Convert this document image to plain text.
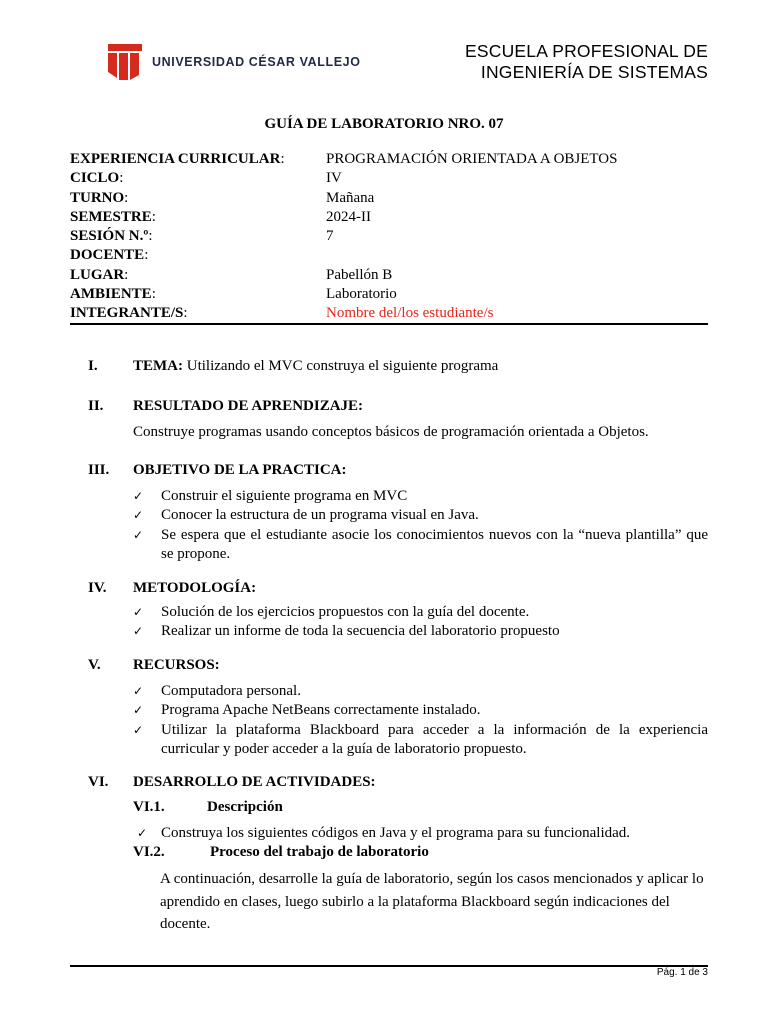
UNIVERSIDAD CÉSAR VALLEJO
ESCUELA PROFESIONAL DE
INGENIERÍA DE SISTEMAS
GUÍA DE LABORATORIO NRO. 07
EXPERIENCIA CURRICULAR:	PROGRAMACIÓN ORIENTADA A OBJETOS
CICLO:	IV
TURNO:	Mañana
SEMESTRE:	2024-II
SESIÓN N.º:	7
DOCENTE:
LUGAR:	Pabellón B
AMBIENTE:	Laboratorio
INTEGRANTE/S:	Nombre del/los estudiante/s
I.	TEMA: Utilizando el MVC construya el siguiente programa
II.	RESULTADO DE APRENDIZAJE:
Construye programas usando conceptos básicos de programación orientada a Objetos.
III.	OBJETIVO DE LA PRACTICA:
✓	Construir el siguiente programa en MVC
✓	Conocer la estructura de un programa visual en Java.
✓	Se espera que el estudiante asocie los conocimientos nuevos con la “nueva plantilla” que se propone.
IV.	METODOLOGÍA:
✓	Solución de los ejercicios propuestos con la guía del docente.
✓	Realizar un informe de toda la secuencia del laboratorio propuesto
V.	RECURSOS:
✓	Computadora personal.
✓	Programa Apache NetBeans correctamente instalado.
✓	Utilizar la plataforma Blackboard para acceder a la información de la experiencia curricular y poder acceder a la guía de laboratorio propuesto.
VI.	DESARROLLO DE ACTIVIDADES:
VI.1.	Descripción
✓ Construya los siguientes códigos en Java y el programa para su funcionalidad.
VI.2.	Proceso del trabajo de laboratorio
A continuación, desarrolle la guía de laboratorio, según los casos mencionados y aplicar lo aprendido en clases, luego subirlo a la plataforma Blackboard según indicaciones del docente.
Pág. 1 de 3
